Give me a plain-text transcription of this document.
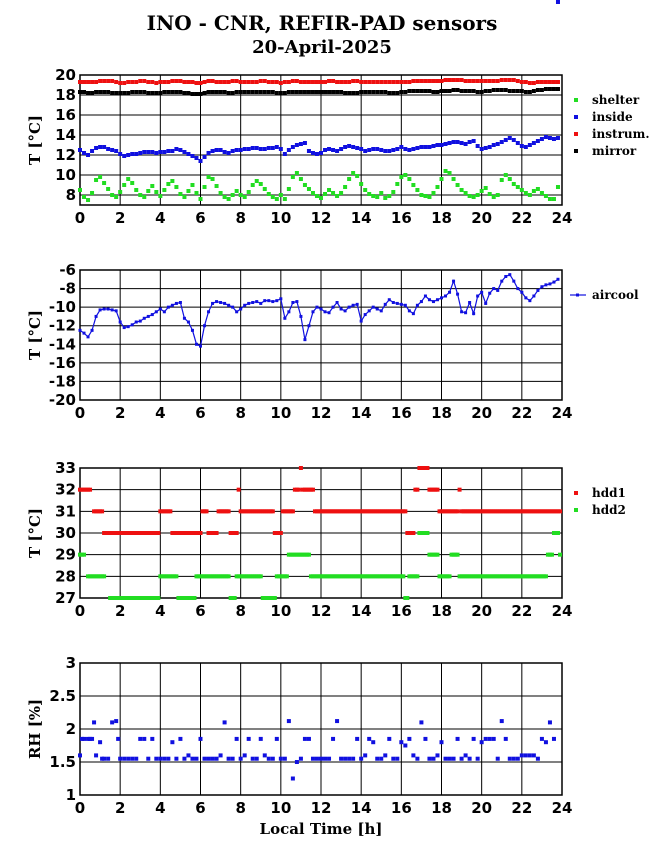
INO - CNR, REFIR-PAD sensors
20-April-2025
0 2 4 6 8 10 12 14 16 18 20 22 24
8
10
12
14
16
18
20
T [°C]
shelter
inside
instrum.
mirror
0 2 4 6 8 10 12 14 16 18 20 22 24
-6
-8
-10
-12
-14
-16
-18
-20
T [°C]
aircool
0 2 4 6 8 10 12 14 16 18 20 22 24
27
28
29
30
31
32
33
T [°C]
hdd1
hdd2
0 2 4 6 8 10 12 14 16 18 20 22 24
1
1.5
2
2.5
3
RH [%]
Local Time [h]
